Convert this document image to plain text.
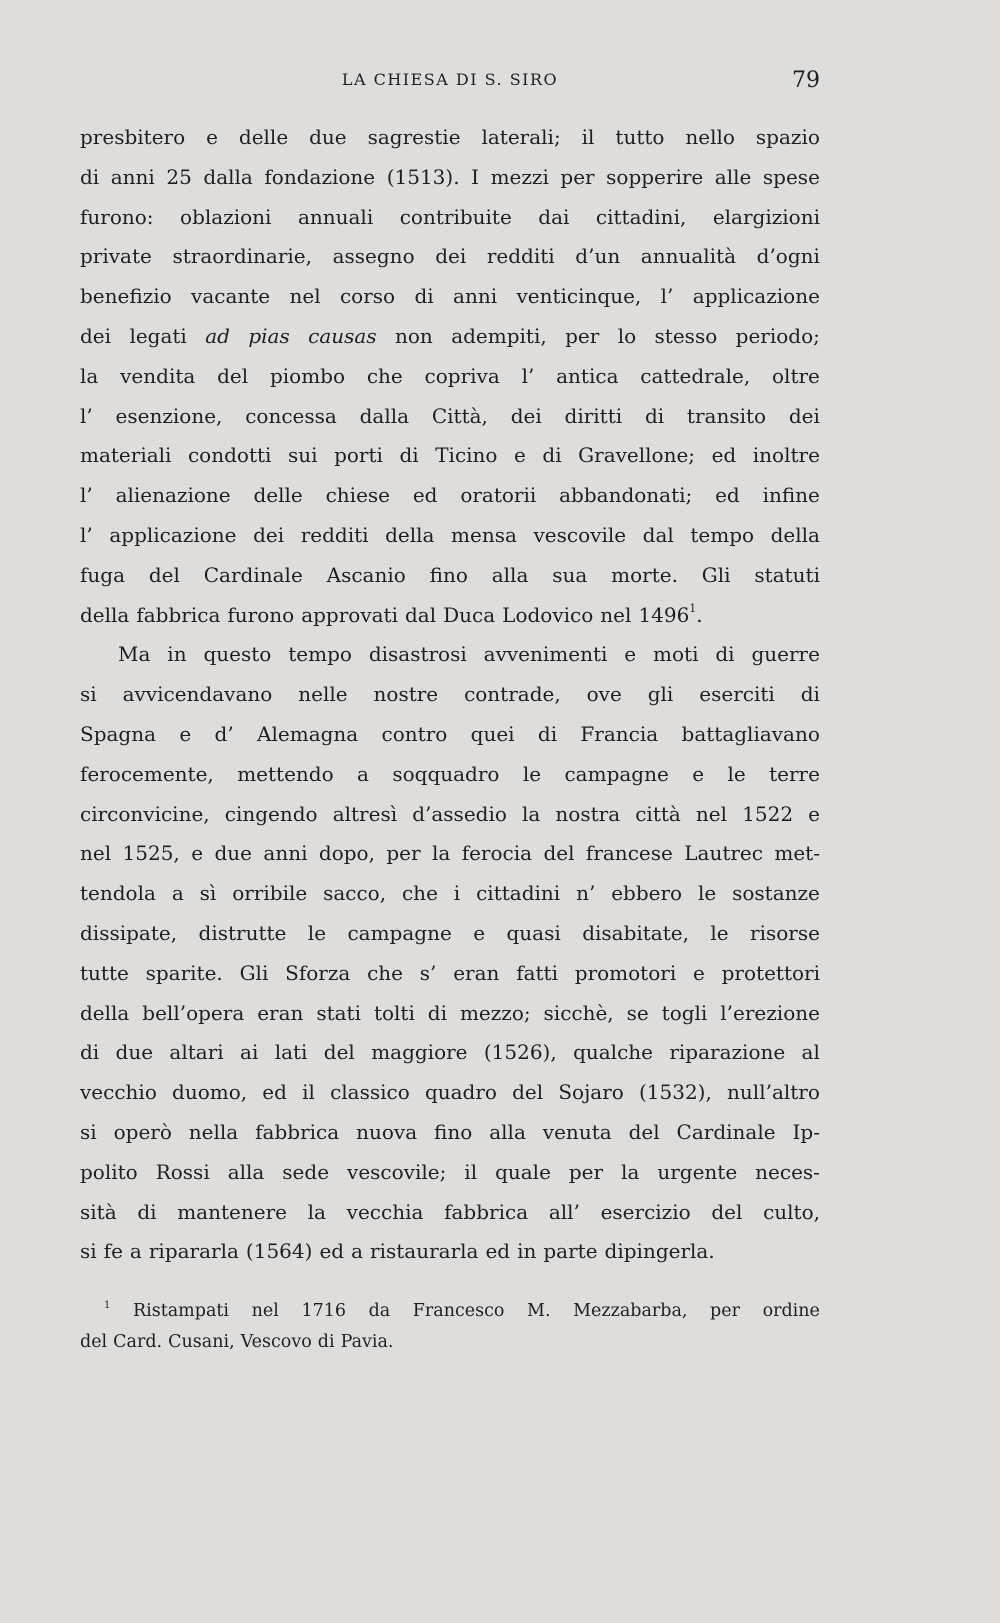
LA CHIESA DI S. SIRO	79
presbitero e delle due sagrestie laterali; il tutto nello spazio
di anni 25 dalla fondazione (1513). I mezzi per sopperire alle spese
furono: oblazioni annuali contribuite dai cittadini, elargizioni
private straordinarie, assegno dei redditi d’un annualità d’ogni
benefizio vacante nel corso di anni venticinque, l’ applicazione
dei legati ad pias causas non adempiti, per lo stesso periodo;
la vendita del piombo che copriva l’ antica cattedrale, oltre
l’ esenzione, concessa dalla Città, dei diritti di transito dei
materiali condotti sui porti di Ticino e di Gravellone; ed inoltre
l’ alienazione delle chiese ed oratorii abbandonati; ed infine
l’ applicazione dei redditi della mensa vescovile dal tempo della
fuga del Cardinale Ascanio fino alla sua morte. Gli statuti
della fabbrica furono approvati dal Duca Lodovico nel 1496$^1$.
Ma in questo tempo disastrosi avvenimenti e moti di guerre
si avvicendavano nelle nostre contrade, ove gli eserciti di
Spagna e d’ Alemagna contro quei di Francia battagliavano
ferocemente, mettendo a soqquadro le campagne e le terre
circonvicine, cingendo altresì d’assedio la nostra città nel 1522 e
nel 1525, e due anni dopo, per la ferocia del francese Lautrec met-
tendola a sì orribile sacco, che i cittadini n’ ebbero le sostanze
dissipate, distrutte le campagne e quasi disabitate, le risorse
tutte sparite. Gli Sforza che s’ eran fatti promotori e protettori
della bell’opera eran stati tolti di mezzo; sicchè, se togli l’erezione
di due altari ai lati del maggiore (1526), qualche riparazione al
vecchio duomo, ed il classico quadro del Sojaro (1532), null’altro
si operò nella fabbrica nuova fino alla venuta del Cardinale Ip-
polito Rossi alla sede vescovile; il quale per la urgente neces-
sità di mantenere la vecchia fabbrica all’ esercizio del culto,
si fe a ripararla (1564) ed a ristaurarla ed in parte dipingerla.
$^1$ Ristampati nel 1716 da Francesco M. Mezzabarba, per ordine
del Card. Cusani, Vescovo di Pavia.
